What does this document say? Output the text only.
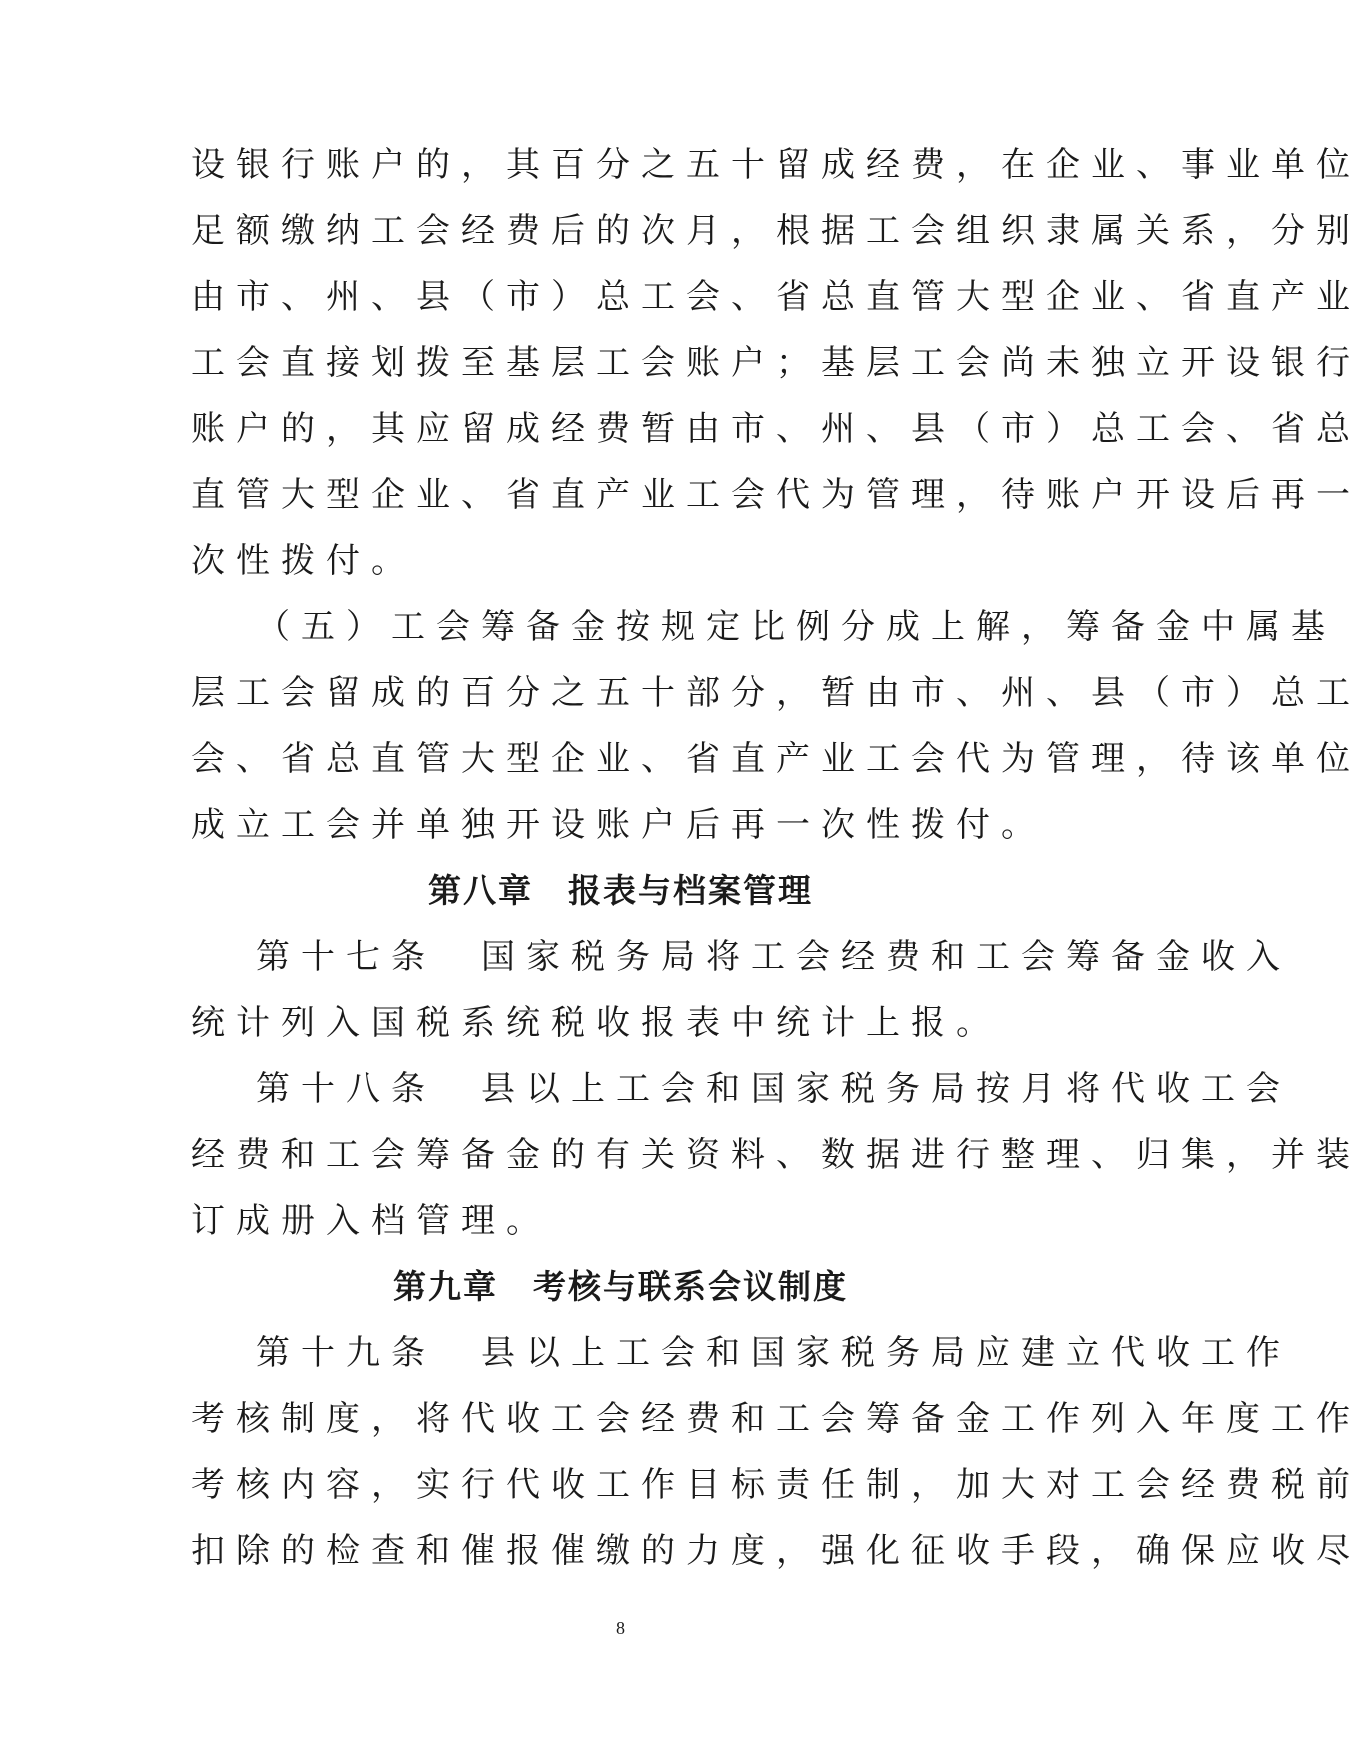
设银行账户的，其百分之五十留成经费，在企业、事业单位
足额缴纳工会经费后的次月，根据工会组织隶属关系，分别
由市、州、县（市）总工会、省总直管大型企业、省直产业
工会直接划拨至基层工会账户；基层工会尚未独立开设银行
账户的，其应留成经费暂由市、州、县（市）总工会、省总
直管大型企业、省直产业工会代为管理，待账户开设后再一
次性拨付。
（五）工会筹备金按规定比例分成上解，筹备金中属基
层工会留成的百分之五十部分，暂由市、州、县（市）总工
会、省总直管大型企业、省直产业工会代为管理，待该单位
成立工会并单独开设账户后再一次性拨付。
第八章　报表与档案管理
第十七条　国家税务局将工会经费和工会筹备金收入
统计列入国税系统税收报表中统计上报。
第十八条　县以上工会和国家税务局按月将代收工会
经费和工会筹备金的有关资料、数据进行整理、归集，并装
订成册入档管理。
第九章　考核与联系会议制度
第十九条　县以上工会和国家税务局应建立代收工作
考核制度，将代收工会经费和工会筹备金工作列入年度工作
考核内容，实行代收工作目标责任制，加大对工会经费税前
扣除的检查和催报催缴的力度，强化征收手段，确保应收尽
8
